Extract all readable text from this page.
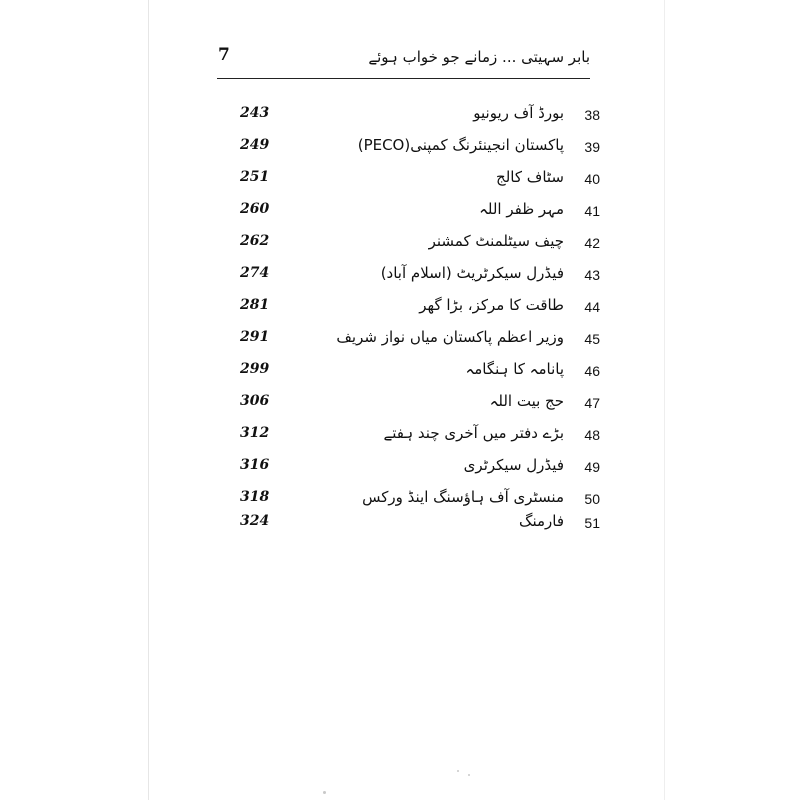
7	بابر سہیتی ... زمانے جو خواب ہوئے
243	بورڈ آف ریونیو 38
249	پاکستان انجینئرنگ کمپنی(PECO) 39
251	سٹاف کالج 40
260	مہر ظفر اللہ 41
262	چیف سیٹلمنٹ کمشنر 42
274	فیڈرل سیکرٹریٹ (اسلام آباد) 43
281	طاقت کا مرکز، بڑا گھر 44
291	وزیر اعظم پاکستان میاں نواز شریف 45
299	پانامہ کا ہنگامہ 46
306	حج بیت اللہ 47
312	بڑے دفتر میں آخری چند ہفتے 48
316	فیڈرل سیکرٹری 49
318	منسٹری آف ہاؤسنگ اینڈ ورکس 50
324	فارمنگ 51
